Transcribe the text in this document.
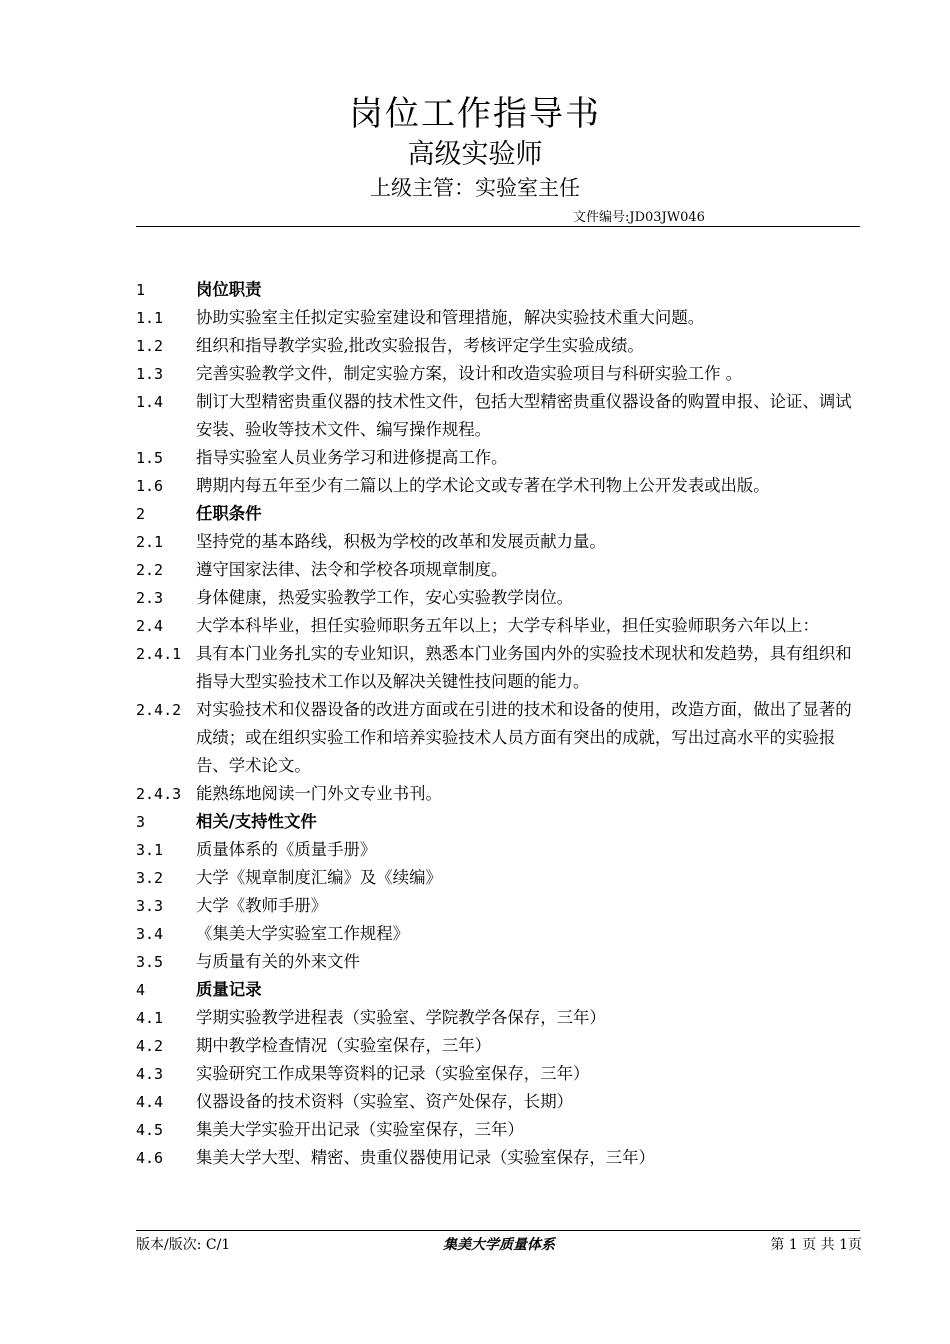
岗位工作指导书
高级实验师
上级主管：实验室主任
文件编号:JD03JW046
1	岗位职责
1.1	协助实验室主任拟定实验室建设和管理措施，解决实验技术重大问题。
1.2	组织和指导教学实验,批改实验报告，考核评定学生实验成绩。
1.3	完善实验教学文件，制定实验方案，设计和改造实验项目与科研实验工作 。
1.4	制订大型精密贵重仪器的技术性文件，包括大型精密贵重仪器设备的购置申报、论证、调试安装、验收等技术文件、编写操作规程。
1.5	指导实验室人员业务学习和进修提高工作。
1.6	聘期内每五年至少有二篇以上的学术论文或专著在学术刊物上公开发表或出版。
2	任职条件
2.1	坚持党的基本路线，积极为学校的改革和发展贡献力量。
2.2	遵守国家法律、法令和学校各项规章制度。
2.3	身体健康，热爱实验教学工作，安心实验教学岗位。
2.4	大学本科毕业，担任实验师职务五年以上；大学专科毕业，担任实验师职务六年以上：
2.4.1 具有本门业务扎实的专业知识，熟悉本门业务国内外的实验技术现状和发趋势，具有组织和指导大型实验技术工作以及解决关键性技问题的能力。
2.4.2 对实验技术和仪器设备的改进方面或在引进的技术和设备的使用，改造方面，做出了显著的成绩；或在组织实验工作和培养实验技术人员方面有突出的成就，写出过高水平的实验报告、学术论文。
2.4.3 能熟练地阅读一门外文专业书刊。
3	相关/支持性文件
3.1	质量体系的《质量手册》
3.2	大学《规章制度汇编》及《续编》
3.3	大学《教师手册》
3.4	《集美大学实验室工作规程》
3.5	与质量有关的外来文件
4	质量记录
4.1	学期实验教学进程表（实验室、学院教学各保存，三年）
4.2	期中教学检查情况（实验室保存，三年）
4.3	实验研究工作成果等资料的记录（实验室保存，三年）
4.4	仪器设备的技术资料（实验室、资产处保存，长期）
4.5	集美大学实验开出记录（实验室保存，三年）
4.6	集美大学大型、精密、贵重仪器使用记录（实验室保存，三年）
版本/版次: C/1	集美大学质量体系	第 1 页 共 1页
